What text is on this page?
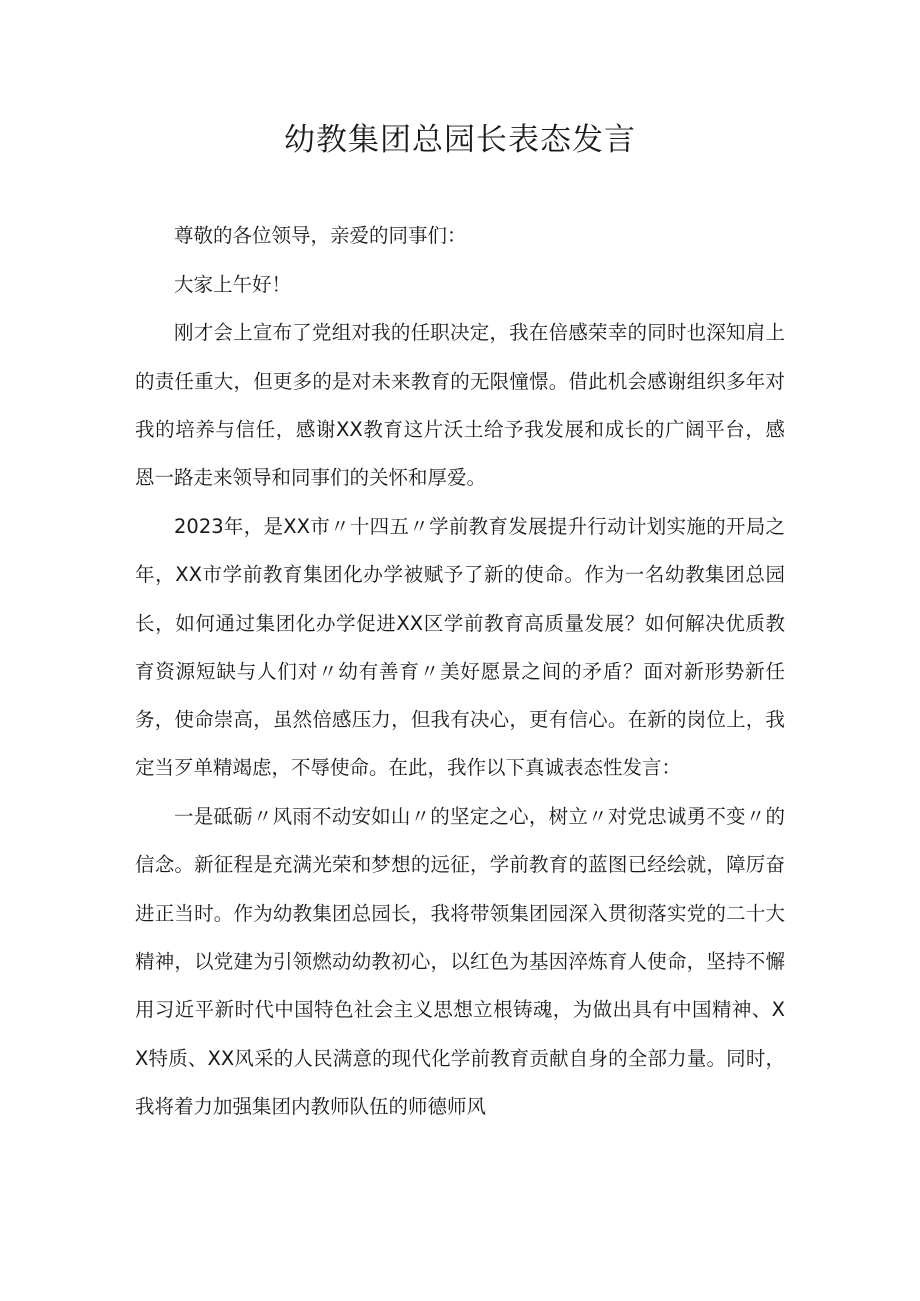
幼教集团总园长表态发言

尊敬的各位领导，亲爱的同事们：

大家上午好！

刚才会上宣布了党组对我的任职决定，我在倍感荣幸的同时也深知肩上的责任重大，但更多的是对未来教育的无限憧憬。借此机会感谢组织多年对我的培养与信任，感谢XX教育这片沃土给予我发展和成长的广阔平台，感恩一路走来领导和同事们的关怀和厚爱。

2023年，是XX市〃十四五〃学前教育发展提升行动计划实施的开局之年，XX市学前教育集团化办学被赋予了新的使命。作为一名幼教集团总园长，如何通过集团化办学促进XX区学前教育高质量发展？如何解决优质教育资源短缺与人们对〃幼有善育〃美好愿景之间的矛盾？面对新形势新任务，使命崇高，虽然倍感压力，但我有决心，更有信心。在新的岗位上，我定当歹单精竭虑，不辱使命。在此，我作以下真诚表态性发言：

一是砥砺〃风雨不动安如山〃的坚定之心，树立〃对党忠诚勇不变〃的信念。新征程是充满光荣和梦想的远征，学前教育的蓝图已经绘就，障厉奋进正当时。作为幼教集团总园长，我将带领集团园深入贯彻落实党的二十大精神，以党建为引领燃动幼教初心，以红色为基因淬炼育人使命，坚持不懈用习近平新时代中国特色社会主义思想立根铸魂，为做出具有中国精神、XX特质、XX风采的人民满意的现代化学前教育贡献自身的全部力量。同时，我将着力加强集团内教师队伍的师德师风
